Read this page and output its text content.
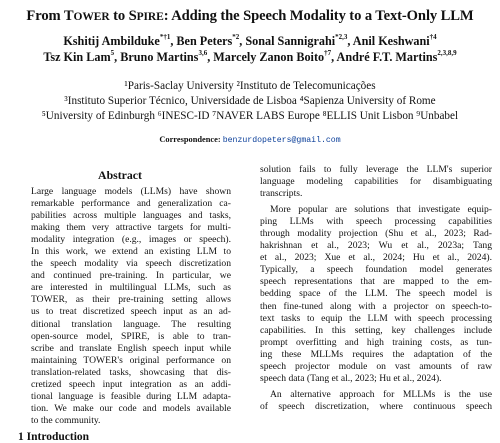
From TOWER to SPIRE: Adding the Speech Modality to a Text-Only LLM
Kshitij Ambilduke$^{*\dagger 1}$, Ben Peters$^{*2}$, Sonal Sannigrahi$^{*2,3}$, Anil Keshwani$^{\dagger 4}$
Tsz Kin Lam$^5$, Bruno Martins$^{3,6}$, Marcely Zanon Boito$^{\dagger 7}$, André F.T. Martins$^{2,3,8,9}$
¹Paris-Saclay University ²Instituto de Telecomunicações
³Instituto Superior Técnico, Universidade de Lisboa ⁴Sapienza University of Rome
⁵University of Edinburgh ⁶INESC-ID ⁷NAVER LABS Europe ⁸ELLIS Unit Lisbon ⁹Unbabel
Correspondence: benzurdopeters@gmail.com
Abstract
Large language models (LLMs) have shown
remarkable performance and generalization ca-
pabilities across multiple languages and tasks,
making them very attractive targets for multi-
modality integration (e.g., images or speech).
In this work, we extend an existing LLM to
the speech modality via speech discretization
and continued pre-training. In particular, we
are interested in multilingual LLMs, such as
TOWER, as their pre-training setting allows
us to treat discretized speech input as an ad-
ditional translation language. The resulting
open-source model, SPIRE, is able to tran-
scribe and translate English speech input while
maintaining TOWER's original performance on
translation-related tasks, showcasing that dis-
cretized speech input integration as an addi-
tional language is feasible during LLM adapta-
tion. We make our code and models available
to the community.
solution fails to fully leverage the LLM's superior
language modeling capabilities for disambiguating
transcripts.
More popular are solutions that investigate equip-
ping LLMs with speech processing capabilities
through modality projection (Shu et al., 2023; Rad-
hakrishnan et al., 2023; Wu et al., 2023a; Tang
et al., 2023; Xue et al., 2024; Hu et al., 2024).
Typically, a speech foundation model generates
speech representations that are mapped to the em-
bedding space of the LLM. The speech model is
then fine-tuned along with a projector on speech-to-
text tasks to equip the LLM with speech processing
capabilities. In this setting, key challenges include
prompt overfitting and high training costs, as tun-
ing these MLLMs requires the adaptation of the
speech projector module on vast amounts of raw
speech data (Tang et al., 2023; Hu et al., 2024).
An alternative approach for MLLMs is the use
of speech discretization, where continuous speech
1 Introduction
